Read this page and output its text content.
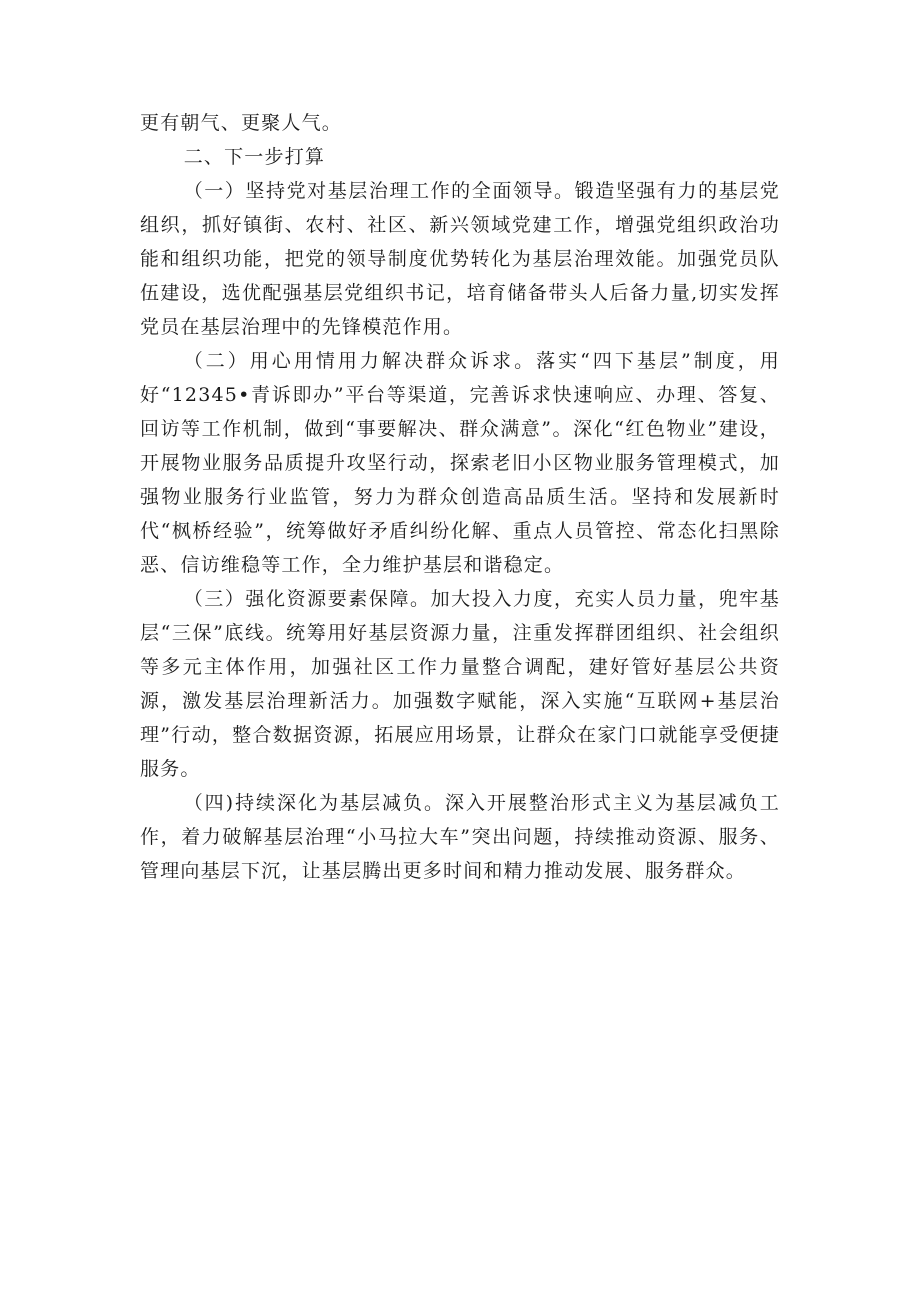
更有朝气、更聚人气。

二、下一步打算

（一）坚持党对基层治理工作的全面领导。锻造坚强有力的基层党组织，抓好镇街、农村、社区、新兴领域党建工作，增强党组织政治功能和组织功能，把党的领导制度优势转化为基层治理效能。加强党员队伍建设，选优配强基层党组织书记，培育储备带头人后备力量,切实发挥党员在基层治理中的先锋模范作用。

（二）用心用情用力解决群众诉求。落实“四下基层”制度，用好“12345•青诉即办”平台等渠道，完善诉求快速响应、办理、答复、回访等工作机制，做到“事要解决、群众满意”。深化“红色物业”建设，开展物业服务品质提升攻坚行动，探索老旧小区物业服务管理模式，加强物业服务行业监管，努力为群众创造高品质生活。坚持和发展新时代“枫桥经验”，统筹做好矛盾纠纷化解、重点人员管控、常态化扫黑除恶、信访维稳等工作，全力维护基层和谐稳定。

（三）强化资源要素保障。加大投入力度，充实人员力量，兜牢基层“三保”底线。统筹用好基层资源力量，注重发挥群团组织、社会组织等多元主体作用，加强社区工作力量整合调配，建好管好基层公共资源，激发基层治理新活力。加强数字赋能，深入实施“互联网+基层治理”行动，整合数据资源，拓展应用场景，让群众在家门口就能享受便捷服务。

（四)持续深化为基层减负。深入开展整治形式主义为基层减负工作，着力破解基层治理“小马拉大车”突出问题，持续推动资源、服务、管理向基层下沉，让基层腾出更多时间和精力推动发展、服务群众。
